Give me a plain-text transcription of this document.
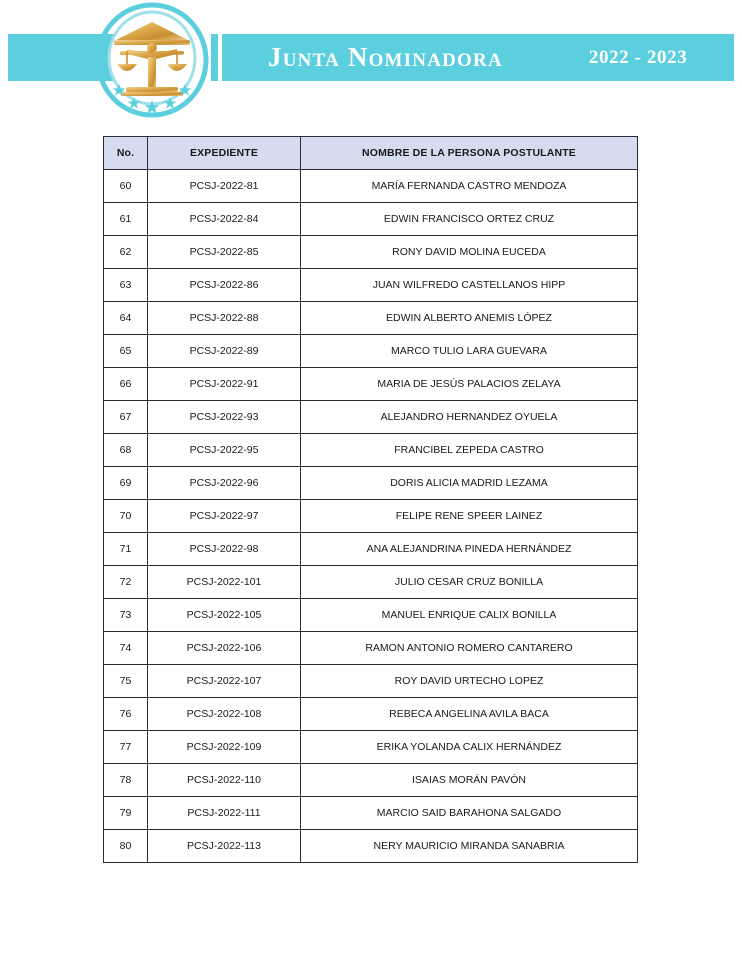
Junta Nominadora	2022 - 2023
No.	EXPEDIENTE	NOMBRE DE LA PERSONA POSTULANTE
60	PCSJ-2022-81	MARÍA FERNANDA CASTRO MENDOZA
61	PCSJ-2022-84	EDWIN FRANCISCO ORTEZ CRUZ
62	PCSJ-2022-85	RONY DAVID MOLINA EUCEDA
63	PCSJ-2022-86	JUAN WILFREDO CASTELLANOS HIPP
64	PCSJ-2022-88	EDWIN ALBERTO ANEMIS LÓPEZ
65	PCSJ-2022-89	MARCO TULIO LARA GUEVARA
66	PCSJ-2022-91	MARIA DE JESÚS PALACIOS ZELAYA
67	PCSJ-2022-93	ALEJANDRO HERNANDEZ OYUELA
68	PCSJ-2022-95	FRANCIBEL ZEPEDA CASTRO
69	PCSJ-2022-96	DORIS ALICIA MADRID LEZAMA
70	PCSJ-2022-97	FELIPE RENE SPEER LAINEZ
71	PCSJ-2022-98	ANA ALEJANDRINA PINEDA HERNÁNDEZ
72	PCSJ-2022-101	JULIO CESAR CRUZ BONILLA
73	PCSJ-2022-105	MANUEL ENRIQUE CALIX BONILLA
74	PCSJ-2022-106	RAMON ANTONIO ROMERO CANTARERO
75	PCSJ-2022-107	ROY DAVID URTECHO LOPEZ
76	PCSJ-2022-108	REBECA ANGELINA AVILA BACA
77	PCSJ-2022-109	ERIKA YOLANDA CALIX HERNÁNDEZ
78	PCSJ-2022-110	ISAIAS MORÁN PAVÓN
79	PCSJ-2022-111	MARCIO SAID BARAHONA SALGADO
80	PCSJ-2022-113	NERY MAURICIO MIRANDA SANABRIA
